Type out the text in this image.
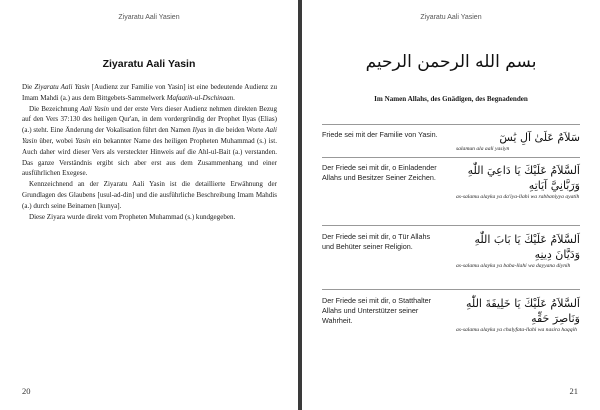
Ziyaratu Aali Yasien
Ziyaratu Aali Yasin

Die Ziyaratu Aali Yasin [Audienz zur Familie von Yasin] ist eine bedeutende Audienz zu Imam Mahdi (a.) aus dem Bittgebets-Sammelwerk Mafaatih-ul-Dschinaan.

Die Bezeichnung Aali Yasin und der erste Vers dieser Audienz nehmen direkten Bezug auf den Vers 37:130 des heiligen Qur'an, in dem vordergründig der Prophet Ilyas (Elias) (a.) steht. Eine Änderung der Vokalisation führt den Namen Ilyas in die beiden Worte Aali Yasin über, wobei Yasin ein bekannter Name des heiligen Propheten Muhammad (s.) ist. Auch daher wird dieser Vers als versteckter Hinweis auf die Ahl-ul-Bait (a.) verstanden. Das ganze Verständnis ergibt sich aber erst aus dem Zusammenhang und einer ausführlichen Exegese.

Kennzeichnend an der Ziyaratu Aali Yasin ist die detaillierte Erwähnung der Grundlagen des Glaubens [usul-ad-din] und die ausführliche Beschreibung Imam Mahdis (a.) durch seine Beinamen [kunya].

Diese Ziyara wurde direkt vom Propheten Muhammad (s.) kundgegeben.

20
Ziyaratu Aali Yasien
بسم الله الرحمن الرحيم
Im Namen Allahs, des Gnädigen, des Begnadenden
Friede sei mit der Familie von Yasin.	سَلاَمٌ عَلَىٰ آلِ يَٰسٓ
salamun ala aali yasiyn
Der Friede sei mit dir, o Einladender Allahs und Besitzer Seiner Zeichen.
اَلسَّلاَمُ عَلَيْكَ يَا دَاعِيَ اللّٰهِ
وَرَبَّانِيَّ آيَاتِهِ
as-salamu alayka ya da'iya-llahi wa rabbaniyya ayatih
Der Friede sei mit dir, o Tür Allahs und Behüter seiner Religion.
اَلسَّلاَمُ عَلَيْكَ يَا بَابَ اللّٰهِ
وَدَيَّانَ دِينِهِ
as-salamu alayka ya baba-llahi wa dayyana diynih
Der Friede sei mit dir, o Statthalter Allahs und Unterstützer seiner Wahrheit.
اَلسَّلاَمُ عَلَيْكَ يَا خَلِيفَةَ اللّٰهِ
وَنَاصِرَ حَقِّهِ
as-salamu alayka ya chalyfata-llahi wa nasira haqqih
21
